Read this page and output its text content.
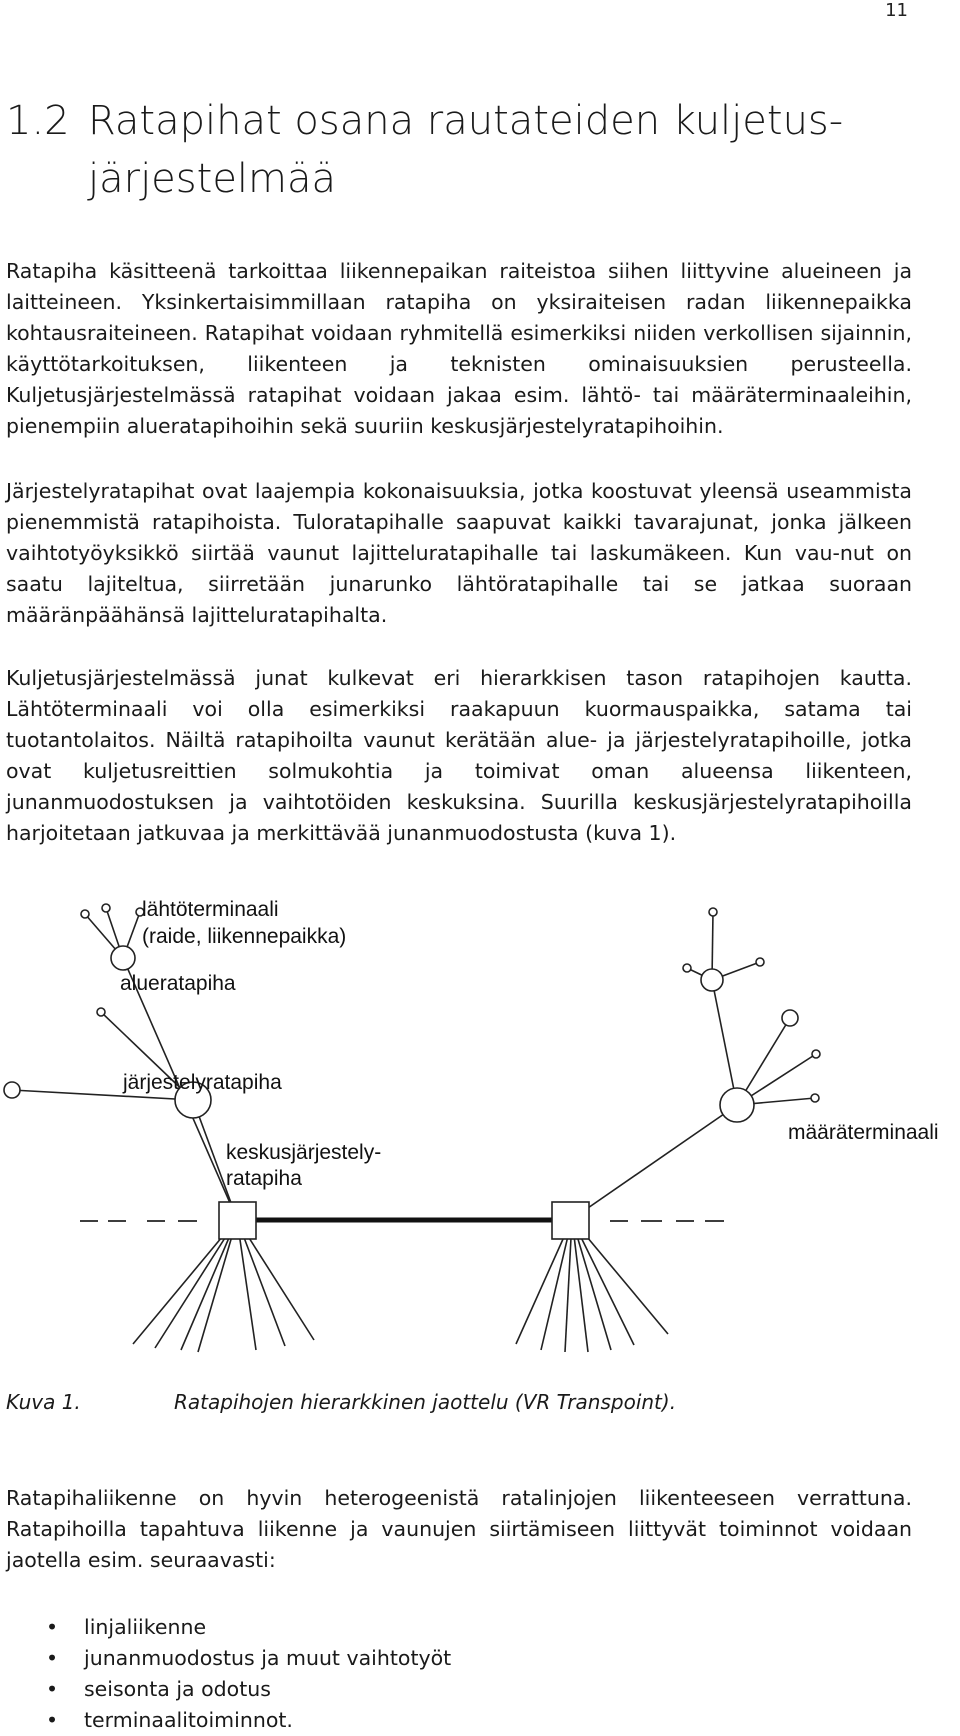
11
1.2 Ratapihat osana rautateiden kuljetus-järjestelmää

Ratapiha käsitteenä tarkoittaa liikennepaikan raiteistoa siihen liittyvine alueineen ja laitteineen. Yksinkertaisimmillaan ratapiha on yksiraiteisen radan liikennepaikka kohtausraiteineen. Ratapihat voidaan ryhmitellä esimerkiksi niiden verkollisen sijainnin, käyttötarkoituksen, liikenteen ja teknisten ominaisuuksien perusteella. Kuljetusjärjestelmässä ratapihat voidaan jakaa esim. lähtö- tai määräterminaaleihin, pienempiin alueratapihoihin sekä suuriin keskusjärjestelyratapihoihin.

Järjestelyratapihat ovat laajempia kokonaisuuksia, jotka koostuvat yleensä useammista pienemmistä ratapihoista. Tuloratapihalle saapuvat kaikki tavarajunat, jonka jälkeen vaihtotyöyksikkö siirtää vaunut lajitteluratapihalle tai laskumäkeen. Kun vau-nut on saatu lajiteltua, siirretään junarunko lähtöratapihalle tai se jatkaa suoraan määränpäähänsä lajitteluratapihalta.

Kuljetusjärjestelmässä junat kulkevat eri hierarkkisen tason ratapihojen kautta. Lähtöterminaali voi olla esimerkiksi raakapuun kuormauspaikka, satama tai tuotantolaitos. Näiltä ratapihoilta vaunut kerätään alue- ja järjestelyratapihoille, jotka ovat kuljetusreittien solmukohtia ja toimivat oman alueensa liikenteen, junanmuodostuksen ja vaihtotöiden keskuksina. Suurilla keskusjärjestelyratapihoilla harjoitetaan jatkuvaa ja merkittävää junanmuodostusta (kuva 1).

lähtöterminaali
(raide, liikennepaikka)
alueratapiha
järjestelyratapiha
keskusjärjestely-
ratapiha
määräterminaali
Kuva 1.	Ratapihojen hierarkkinen jaottelu (VR Transpoint).

Ratapihaliikenne on hyvin heterogeenistä ratalinjojen liikenteeseen verrattuna. Ratapihoilla tapahtuva liikenne ja vaunujen siirtämiseen liittyvät toiminnot voidaan jaotella esim. seuraavasti:

•	linjaliikenne
•	junanmuodostus ja muut vaihtotyöt
•	seisonta ja odotus
•	terminaalitoiminnot.
